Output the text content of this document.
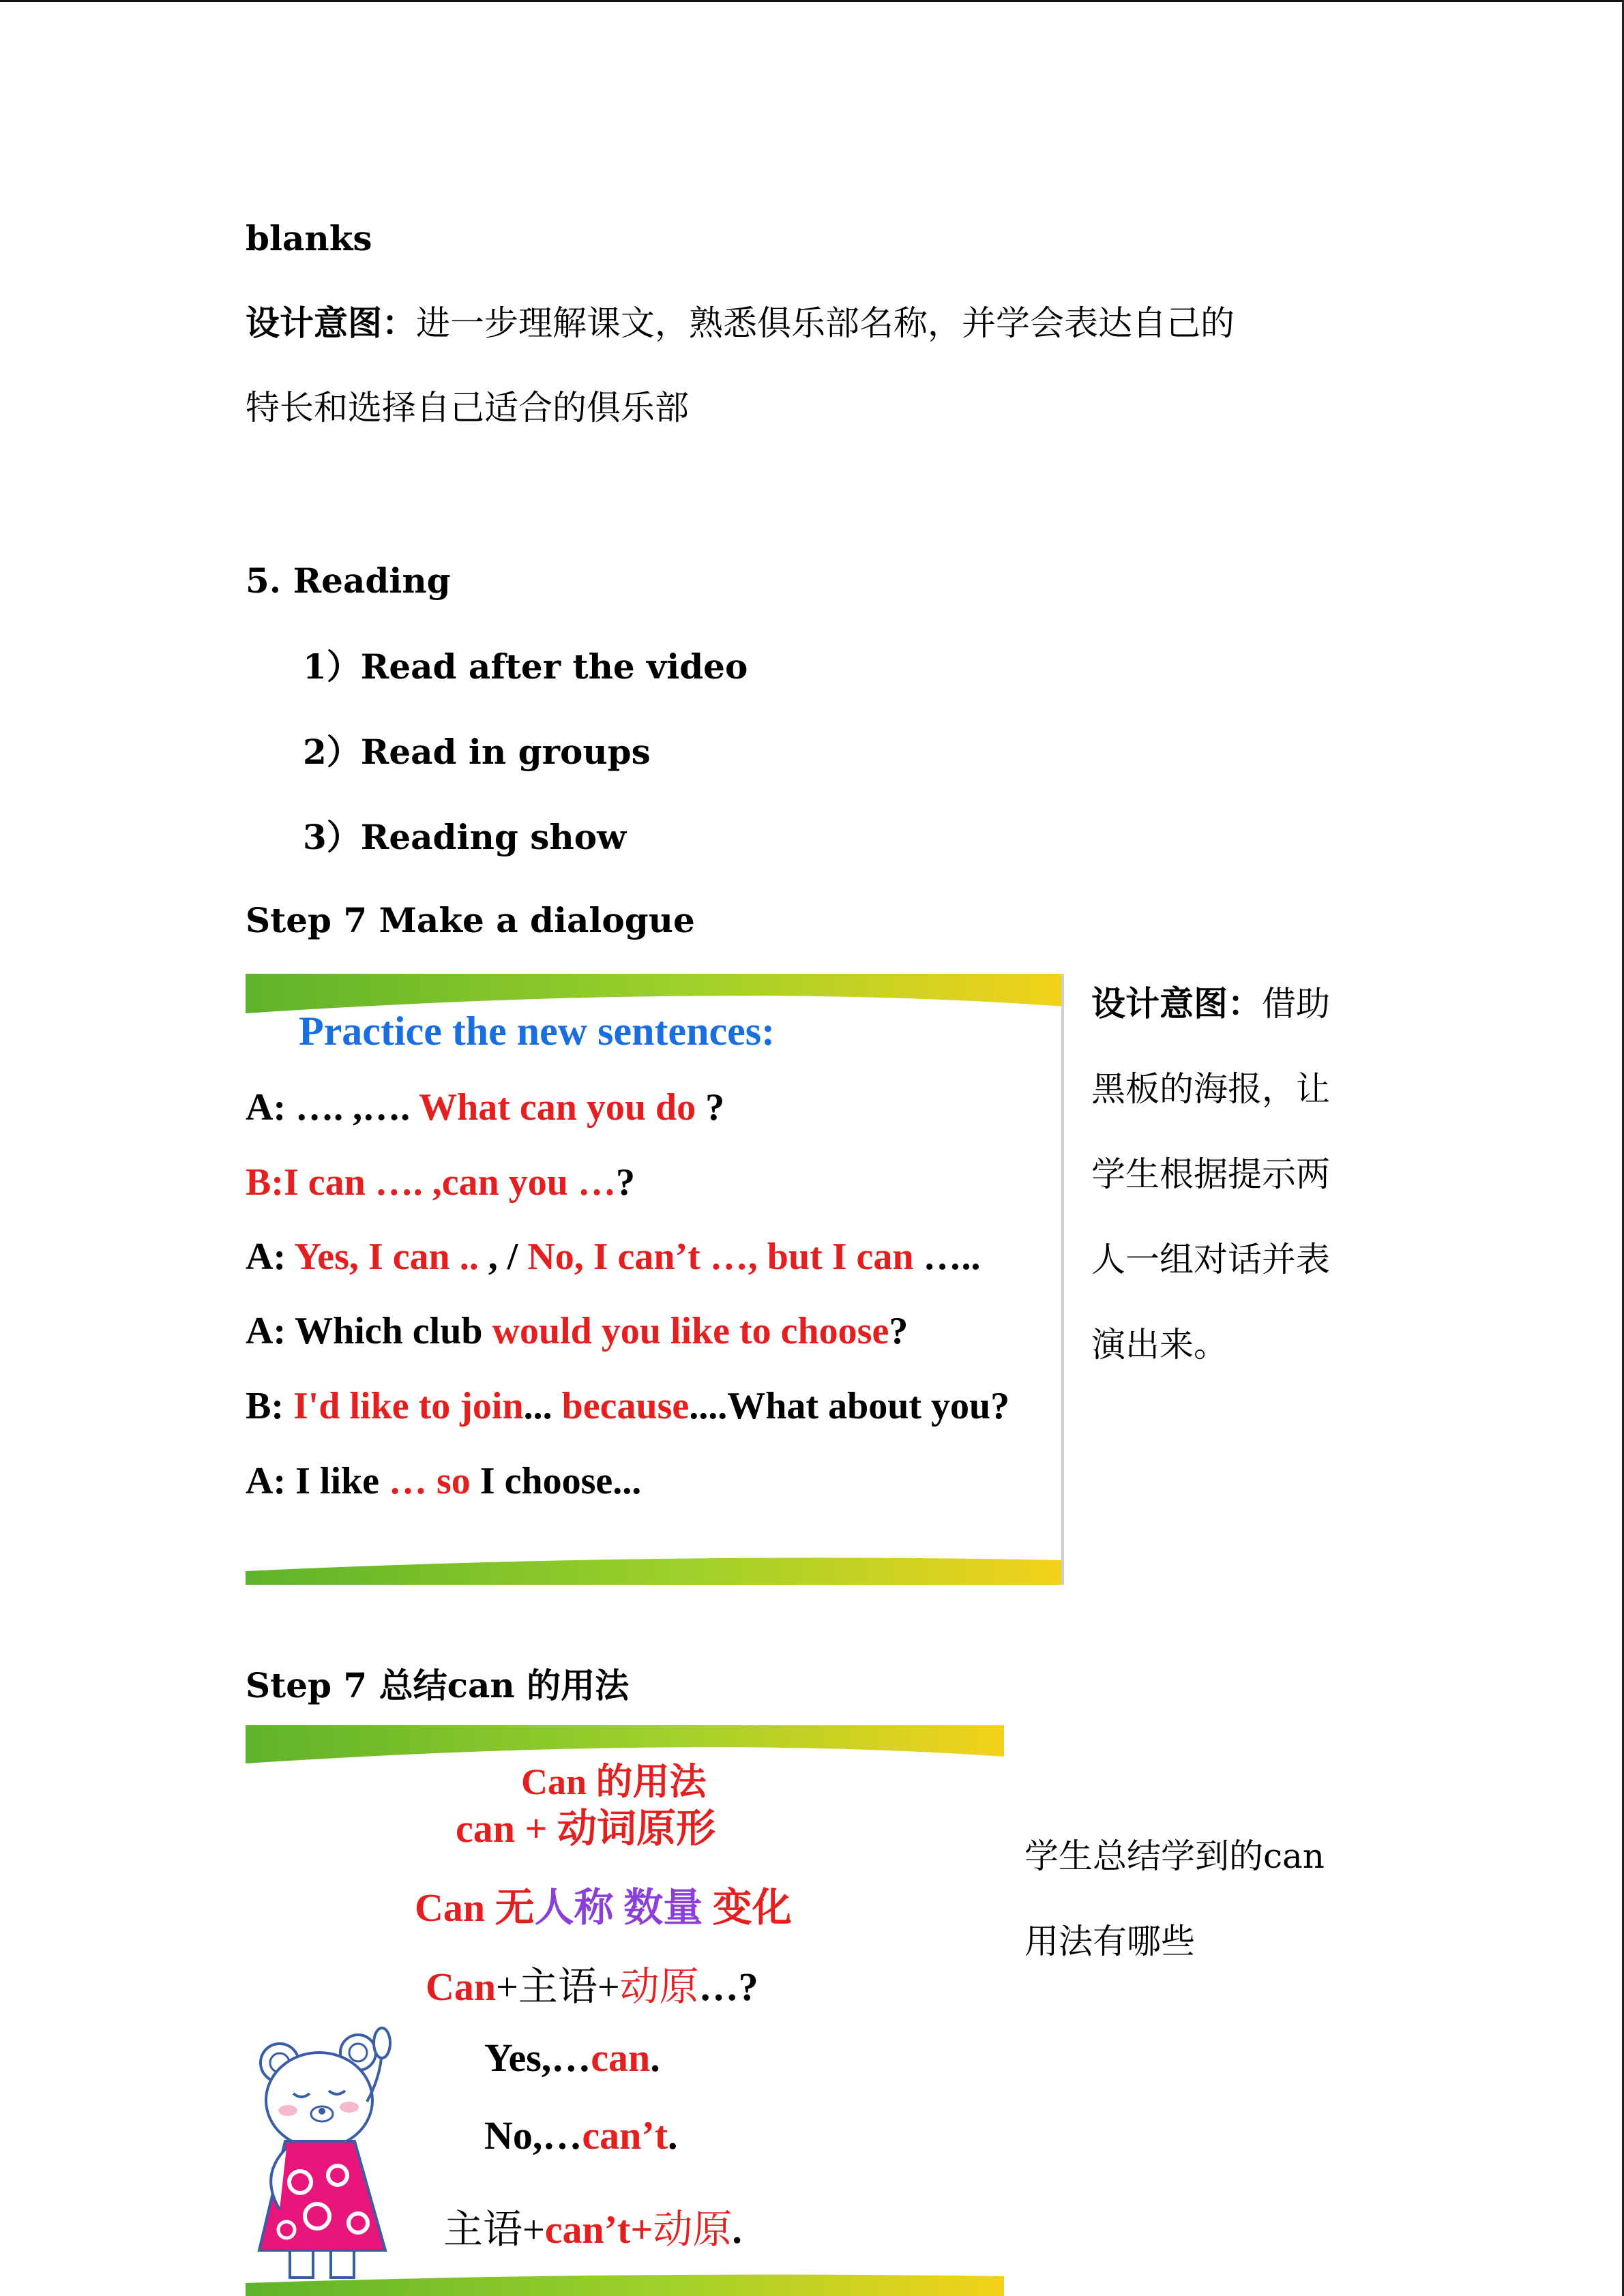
blanks
设计意图：进一步理解课文，熟悉俱乐部名称，并学会表达自己的
特长和选择自己适合的俱乐部
5. Reading
1）Read after the video
2）Read in groups
3）Reading show
Step 7 Make a dialogue
Practice the new sentences:
A: …. ,…. What can you do ?
B:I can …. ,can you …?
A: Yes, I can .. , / No, I can’t …, but I can …..
A: Which club would you like to choose?
B: I'd like to join... because....What about you?
A: I like … so I choose...
设计意图：借助
黑板的海报，让
学生根据提示两
人一组对话并表
演出来。
Step 7 总结can 的用法
Can 的用法
can + 动词原形
Can 无人称 数量 变化
Can+主语+动原…?
Yes,…can.
No,…can’t.
主语+can’t+动原.
学生总结学到的can
用法有哪些
